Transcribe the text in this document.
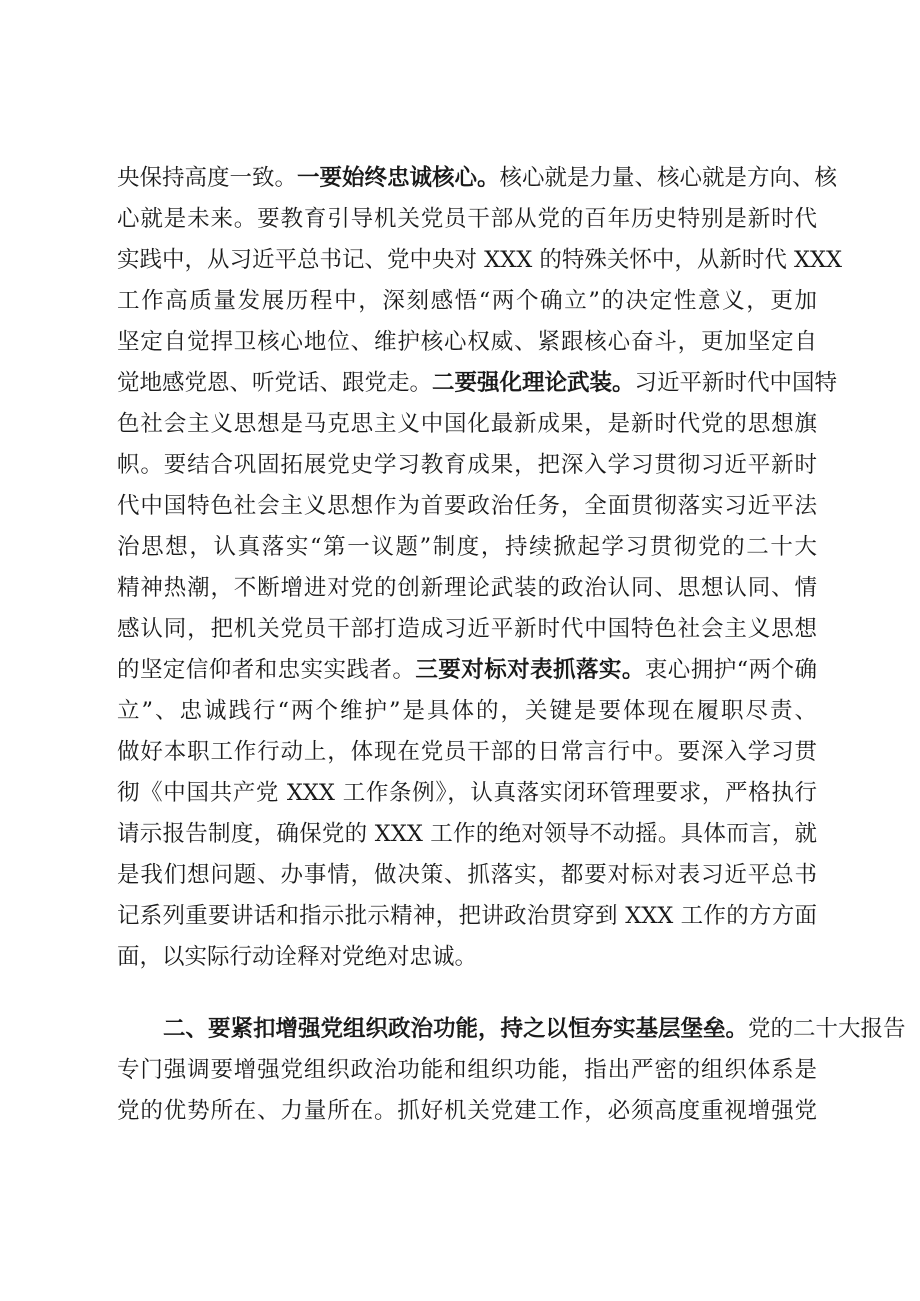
央保持高度一致。一要始终忠诚核心。核心就是力量、核心就是方向、核
心就是未来。要教育引导机关党员干部从党的百年历史特别是新时代
实践中，从习近平总书记、党中央对 XXX 的特殊关怀中，从新时代 XXX
工作高质量发展历程中，深刻感悟“两个确立”的决定性意义，更加
坚定自觉捍卫核心地位、维护核心权威、紧跟核心奋斗，更加坚定自
觉地感党恩、听党话、跟党走。二要强化理论武装。习近平新时代中国特
色社会主义思想是马克思主义中国化最新成果，是新时代党的思想旗
帜。要结合巩固拓展党史学习教育成果，把深入学习贯彻习近平新时
代中国特色社会主义思想作为首要政治任务，全面贯彻落实习近平法
治思想，认真落实“第一议题”制度，持续掀起学习贯彻党的二十大
精神热潮，不断增进对党的创新理论武装的政治认同、思想认同、情
感认同，把机关党员干部打造成习近平新时代中国特色社会主义思想
的坚定信仰者和忠实实践者。三要对标对表抓落实。衷心拥护“两个确
立”、忠诚践行“两个维护”是具体的，关键是要体现在履职尽责、
做好本职工作行动上，体现在党员干部的日常言行中。要深入学习贯
彻《中国共产党 XXX 工作条例》，认真落实闭环管理要求，严格执行
请示报告制度，确保党的 XXX 工作的绝对领导不动摇。具体而言，就
是我们想问题、办事情，做决策、抓落实，都要对标对表习近平总书
记系列重要讲话和指示批示精神，把讲政治贯穿到 XXX 工作的方方面
面，以实际行动诠释对党绝对忠诚。
二、要紧扣增强党组织政治功能，持之以恒夯实基层堡垒。党的二十大报告
专门强调要增强党组织政治功能和组织功能，指出严密的组织体系是
党的优势所在、力量所在。抓好机关党建工作，必须高度重视增强党
